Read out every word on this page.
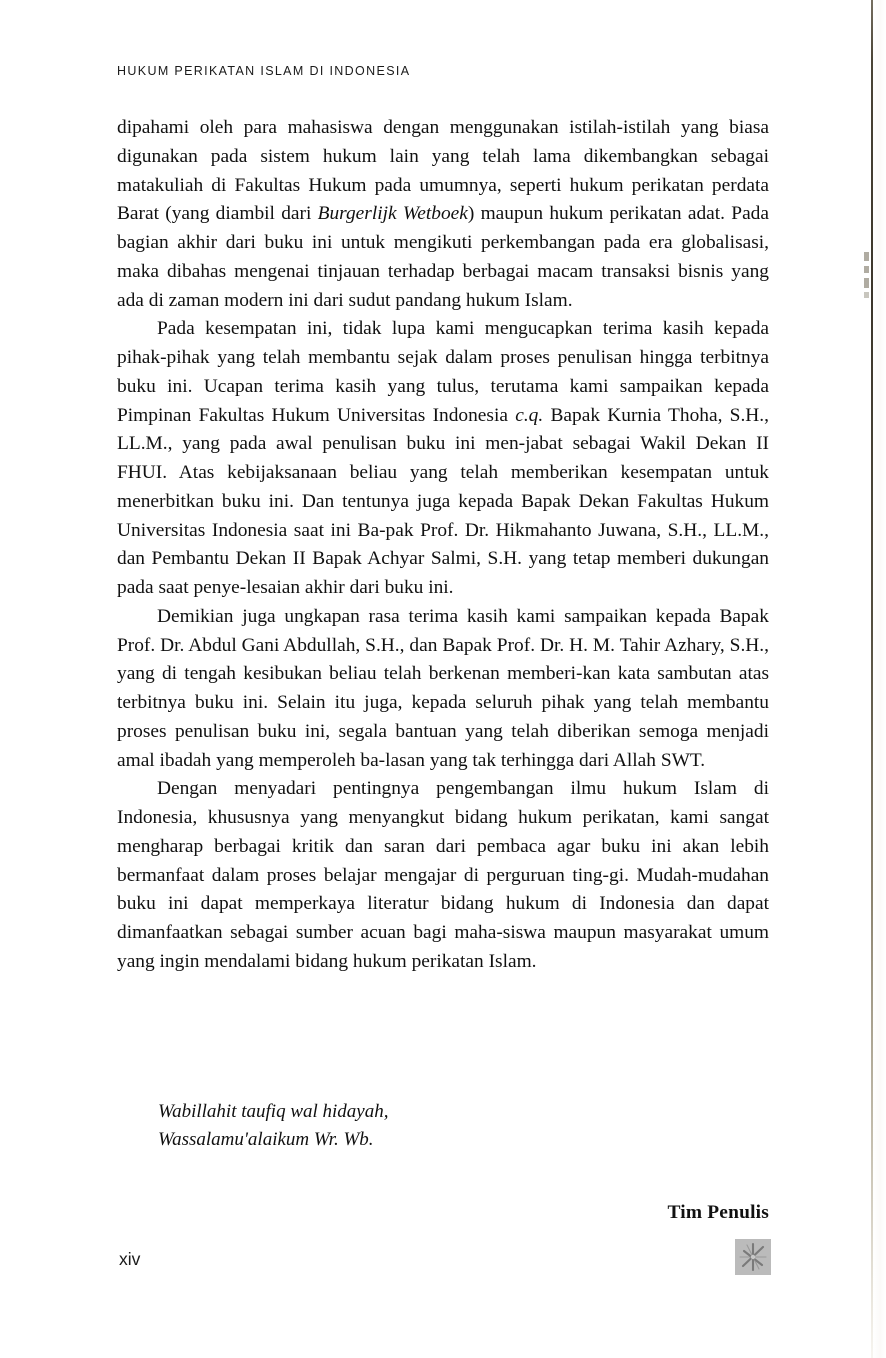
HUKUM PERIKATAN ISLAM DI INDONESIA

dipahami oleh para mahasiswa dengan menggunakan istilah-istilah yang biasa digunakan pada sistem hukum lain yang telah lama dikembangkan sebagai matakuliah di Fakultas Hukum pada umumnya, seperti hukum perikatan perdata Barat (yang diambil dari Burgerlijk Wetboek) maupun hukum perikatan adat. Pada bagian akhir dari buku ini untuk mengikuti perkembangan pada era globalisasi, maka dibahas mengenai tinjauan terhadap berbagai macam transaksi bisnis yang ada di zaman modern ini dari sudut pandang hukum Islam.

Pada kesempatan ini, tidak lupa kami mengucapkan terima kasih kepada pihak-pihak yang telah membantu sejak dalam proses penulisan hingga terbitnya buku ini. Ucapan terima kasih yang tulus, terutama kami sampaikan kepada Pimpinan Fakultas Hukum Universitas Indonesia c.q. Bapak Kurnia Thoha, S.H., LL.M., yang pada awal penulisan buku ini men-jabat sebagai Wakil Dekan II FHUI. Atas kebijaksanaan beliau yang telah memberikan kesempatan untuk menerbitkan buku ini. Dan tentunya juga kepada Bapak Dekan Fakultas Hukum Universitas Indonesia saat ini Ba-pak Prof. Dr. Hikmahanto Juwana, S.H., LL.M., dan Pembantu Dekan II Bapak Achyar Salmi, S.H. yang tetap memberi dukungan pada saat penye-lesaian akhir dari buku ini.

Demikian juga ungkapan rasa terima kasih kami sampaikan kepada Bapak Prof. Dr. Abdul Gani Abdullah, S.H., dan Bapak Prof. Dr. H. M. Tahir Azhary, S.H., yang di tengah kesibukan beliau telah berkenan memberi-kan kata sambutan atas terbitnya buku ini. Selain itu juga, kepada seluruh pihak yang telah membantu proses penulisan buku ini, segala bantuan yang telah diberikan semoga menjadi amal ibadah yang memperoleh ba-lasan yang tak terhingga dari Allah SWT.

Dengan menyadari pentingnya pengembangan ilmu hukum Islam di Indonesia, khususnya yang menyangkut bidang hukum perikatan, kami sangat mengharap berbagai kritik dan saran dari pembaca agar buku ini akan lebih bermanfaat dalam proses belajar mengajar di perguruan ting-gi. Mudah-mudahan buku ini dapat memperkaya literatur bidang hukum di Indonesia dan dapat dimanfaatkan sebagai sumber acuan bagi maha-siswa maupun masyarakat umum yang ingin mendalami bidang hukum perikatan Islam.

Wabillahit taufiq wal hidayah,
Wassalamu'alaikum Wr. Wb.
Tim Penulis
xiv
